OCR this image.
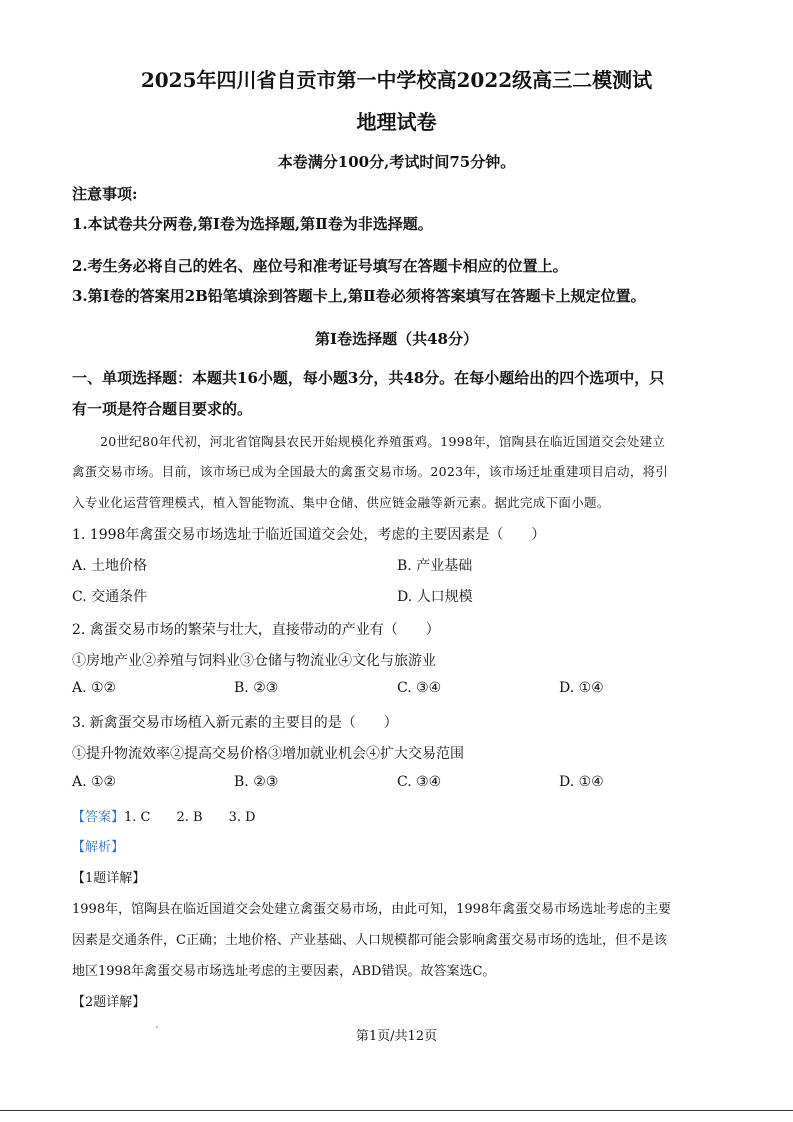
2025年四川省自贡市第一中学校高2022级高三二模测试
地理试卷
本卷满分100分,考试时间75分钟。
注意事项:
1.本试卷共分两卷,第Ⅰ卷为选择题,第Ⅱ卷为非选择题。
2.考生务必将自己的姓名、座位号和准考证号填写在答题卡相应的位置上。
3.第Ⅰ卷的答案用2B铅笔填涂到答题卡上,第Ⅱ卷必须将答案填写在答题卡上规定位置。
第Ⅰ卷选择题（共48分）
一、单项选择题：本题共16小题，每小题3分，共48分。在每小题给出的四个选项中，只
有一项是符合题目要求的。
20世纪80年代初，河北省馆陶县农民开始规模化养殖蛋鸡。1998年，馆陶县在临近国道交会处建立
禽蛋交易市场。目前，该市场已成为全国最大的禽蛋交易市场。2023年，该市场迁址重建项目启动，将引
入专业化运营管理模式，植入智能物流、集中仓储、供应链金融等新元素。据此完成下面小题。
1. 1998年禽蛋交易市场选址于临近国道交会处，考虑的主要因素是（　　）
A. 土地价格	B. 产业基础
C. 交通条件	D. 人口规模
2. 禽蛋交易市场的繁荣与壮大，直接带动的产业有（　　）
①房地产业②养殖与饲料业③仓储与物流业④文化与旅游业
A. ①②	B. ②③	C. ③④	D. ①④
3. 新禽蛋交易市场植入新元素的主要目的是（　　）
①提升物流效率②提高交易价格③增加就业机会④扩大交易范围
A. ①②	B. ②③	C. ③④	D. ①④
【答案】1. C 2. B 3. D
【解析】
【1题详解】
1998年，馆陶县在临近国道交会处建立禽蛋交易市场，由此可知，1998年禽蛋交易市场选址考虑的主要
因素是交通条件，C正确；土地价格、产业基础、人口规模都可能会影响禽蛋交易市场的选址，但不是该
地区1998年禽蛋交易市场选址考虑的主要因素，ABD错误。故答案选C。
【2题详解】
第1页/共12页
